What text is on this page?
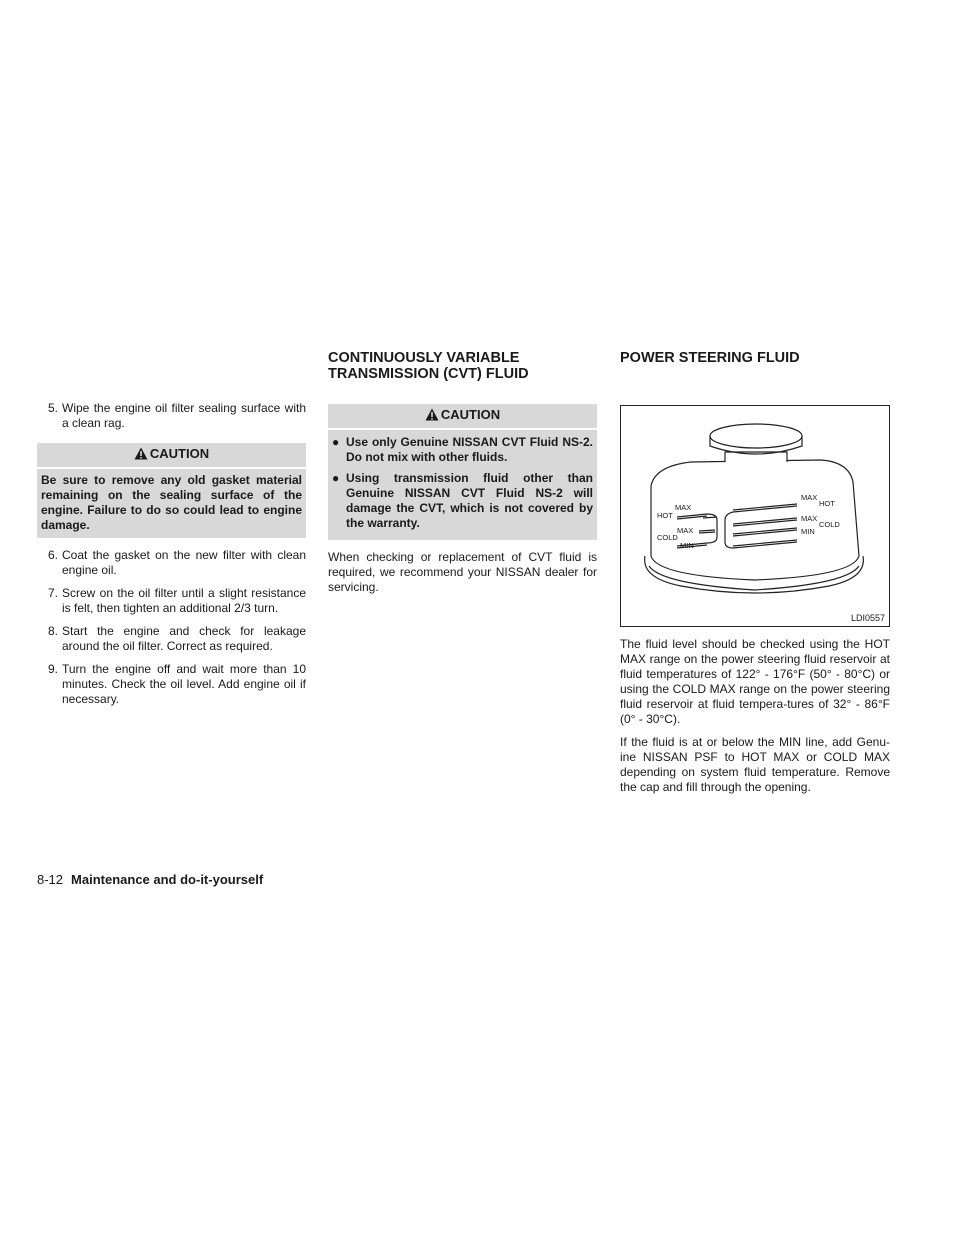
5. Wipe the engine oil filter sealing surface with a clean rag.
CAUTION
Be sure to remove any old gasket material remaining on the sealing surface of the engine. Failure to do so could lead to engine damage.
6. Coat the gasket on the new filter with clean engine oil.
7. Screw on the oil filter until a slight resistance is felt, then tighten an additional 2/3 turn.
8. Start the engine and check for leakage around the oil filter. Correct as required.
9. Turn the engine off and wait more than 10 minutes. Check the oil level. Add engine oil if necessary.
CONTINUOUSLY VARIABLE TRANSMISSION (CVT) FLUID
CAUTION
● Use only Genuine NISSAN CVT Fluid NS-2. Do not mix with other fluids.
● Using transmission fluid other than Genuine NISSAN CVT Fluid NS-2 will damage the CVT, which is not covered by the warranty.

When checking or replacement of CVT fluid is required, we recommend your NISSAN dealer for servicing.

POWER STEERING FLUID
MAX
HOT
MAX
COLD
MIN
MAX
HOT
MAX
COLD
MIN
LDI0557

The fluid level should be checked using the HOT MAX range on the power steering fluid reservoir at fluid temperatures of 122° - 176°F (50° - 80°C) or using the COLD MAX range on the power steering fluid reservoir at fluid tempera-tures of 32° - 86°F (0° - 30°C).

If the fluid is at or below the MIN line, add Genu-ine NISSAN PSF to HOT MAX or COLD MAX depending on system fluid temperature. Remove the cap and fill through the opening.

8-12 Maintenance and do-it-yourself
